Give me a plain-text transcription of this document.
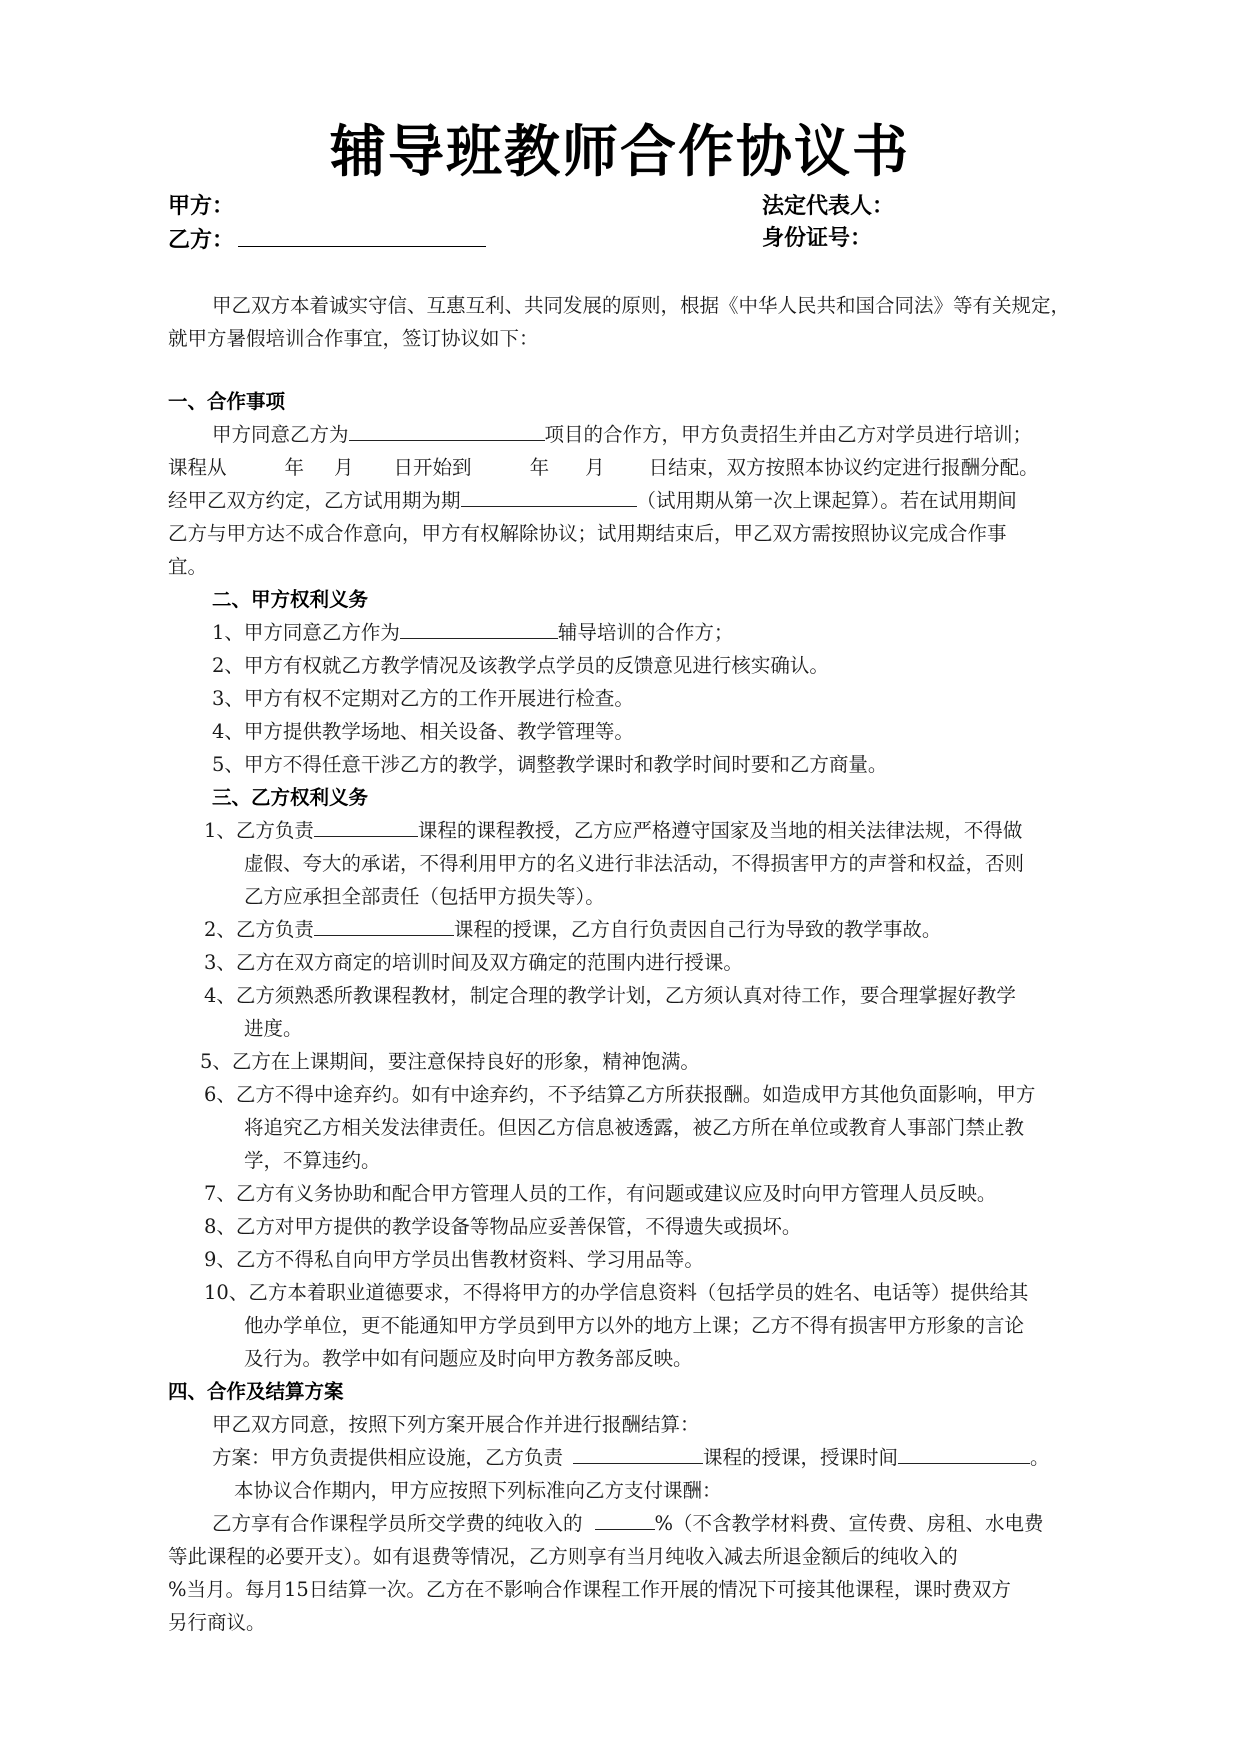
辅导班教师合作协议书
甲方：	法定代表人：
乙方：	身份证号：
甲乙双方本着诚实守信、互惠互利、共同发展的原则，根据《中华人民共和国合同法》等有关规定，
就甲方暑假培训合作事宜，签订协议如下：
一、合作事项
甲方同意乙方为	项目的合作方，甲方负责招生并由乙方对学员进行培训；
课程从	年 月 日开始到	年 月 日结束，双方按照本协议约定进行报酬分配。
经甲乙双方约定，乙方试用期为期	（试用期从第一次上课起算）。若在试用期间
乙方与甲方达不成合作意向，甲方有权解除协议；试用期结束后，甲乙双方需按照协议完成合作事
宜。
二、甲方权利义务
1、甲方同意乙方作为	辅导培训的合作方；
2、甲方有权就乙方教学情况及该教学点学员的反馈意见进行核实确认。
3、甲方有权不定期对乙方的工作开展进行检查。
4、甲方提供教学场地、相关设备、教学管理等。
5、甲方不得任意干涉乙方的教学，调整教学课时和教学时间时要和乙方商量。
三、乙方权利义务
1、乙方负责	课程的课程教授，乙方应严格遵守国家及当地的相关法律法规，不得做
虚假、夸大的承诺，不得利用甲方的名义进行非法活动，不得损害甲方的声誉和权益，否则
乙方应承担全部责任（包括甲方损失等）。
2、乙方负责	课程的授课，乙方自行负责因自己行为导致的教学事故。
3、乙方在双方商定的培训时间及双方确定的范围内进行授课。
4、乙方须熟悉所教课程教材，制定合理的教学计划，乙方须认真对待工作，要合理掌握好教学
进度。
5、乙方在上课期间，要注意保持良好的形象，精神饱满。
6、乙方不得中途弃约。如有中途弃约，不予结算乙方所获报酬。如造成甲方其他负面影响，甲方
将追究乙方相关发法律责任。但因乙方信息被透露，被乙方所在单位或教育人事部门禁止教
学，不算违约。
7、乙方有义务协助和配合甲方管理人员的工作，有问题或建议应及时向甲方管理人员反映。
8、乙方对甲方提供的教学设备等物品应妥善保管，不得遗失或损坏。
9、乙方不得私自向甲方学员出售教材资料、学习用品等。
10、乙方本着职业道德要求，不得将甲方的办学信息资料（包括学员的姓名、电话等）提供给其
他办学单位，更不能通知甲方学员到甲方以外的地方上课；乙方不得有损害甲方形象的言论
及行为。教学中如有问题应及时向甲方教务部反映。
四、合作及结算方案
甲乙双方同意，按照下列方案开展合作并进行报酬结算：
方案：甲方负责提供相应设施，乙方负责	课程的授课，授课时间	。
本协议合作期内，甲方应按照下列标准向乙方支付课酬：
乙方享有合作课程学员所交学费的纯收入的	%（不含教学材料费、宣传费、房租、水电费
等此课程的必要开支）。如有退费等情况，乙方则享有当月纯收入减去所退金额后的纯收入的
%当月。每月15日结算一次。乙方在不影响合作课程工作开展的情况下可接其他课程，课时费双方
另行商议。
